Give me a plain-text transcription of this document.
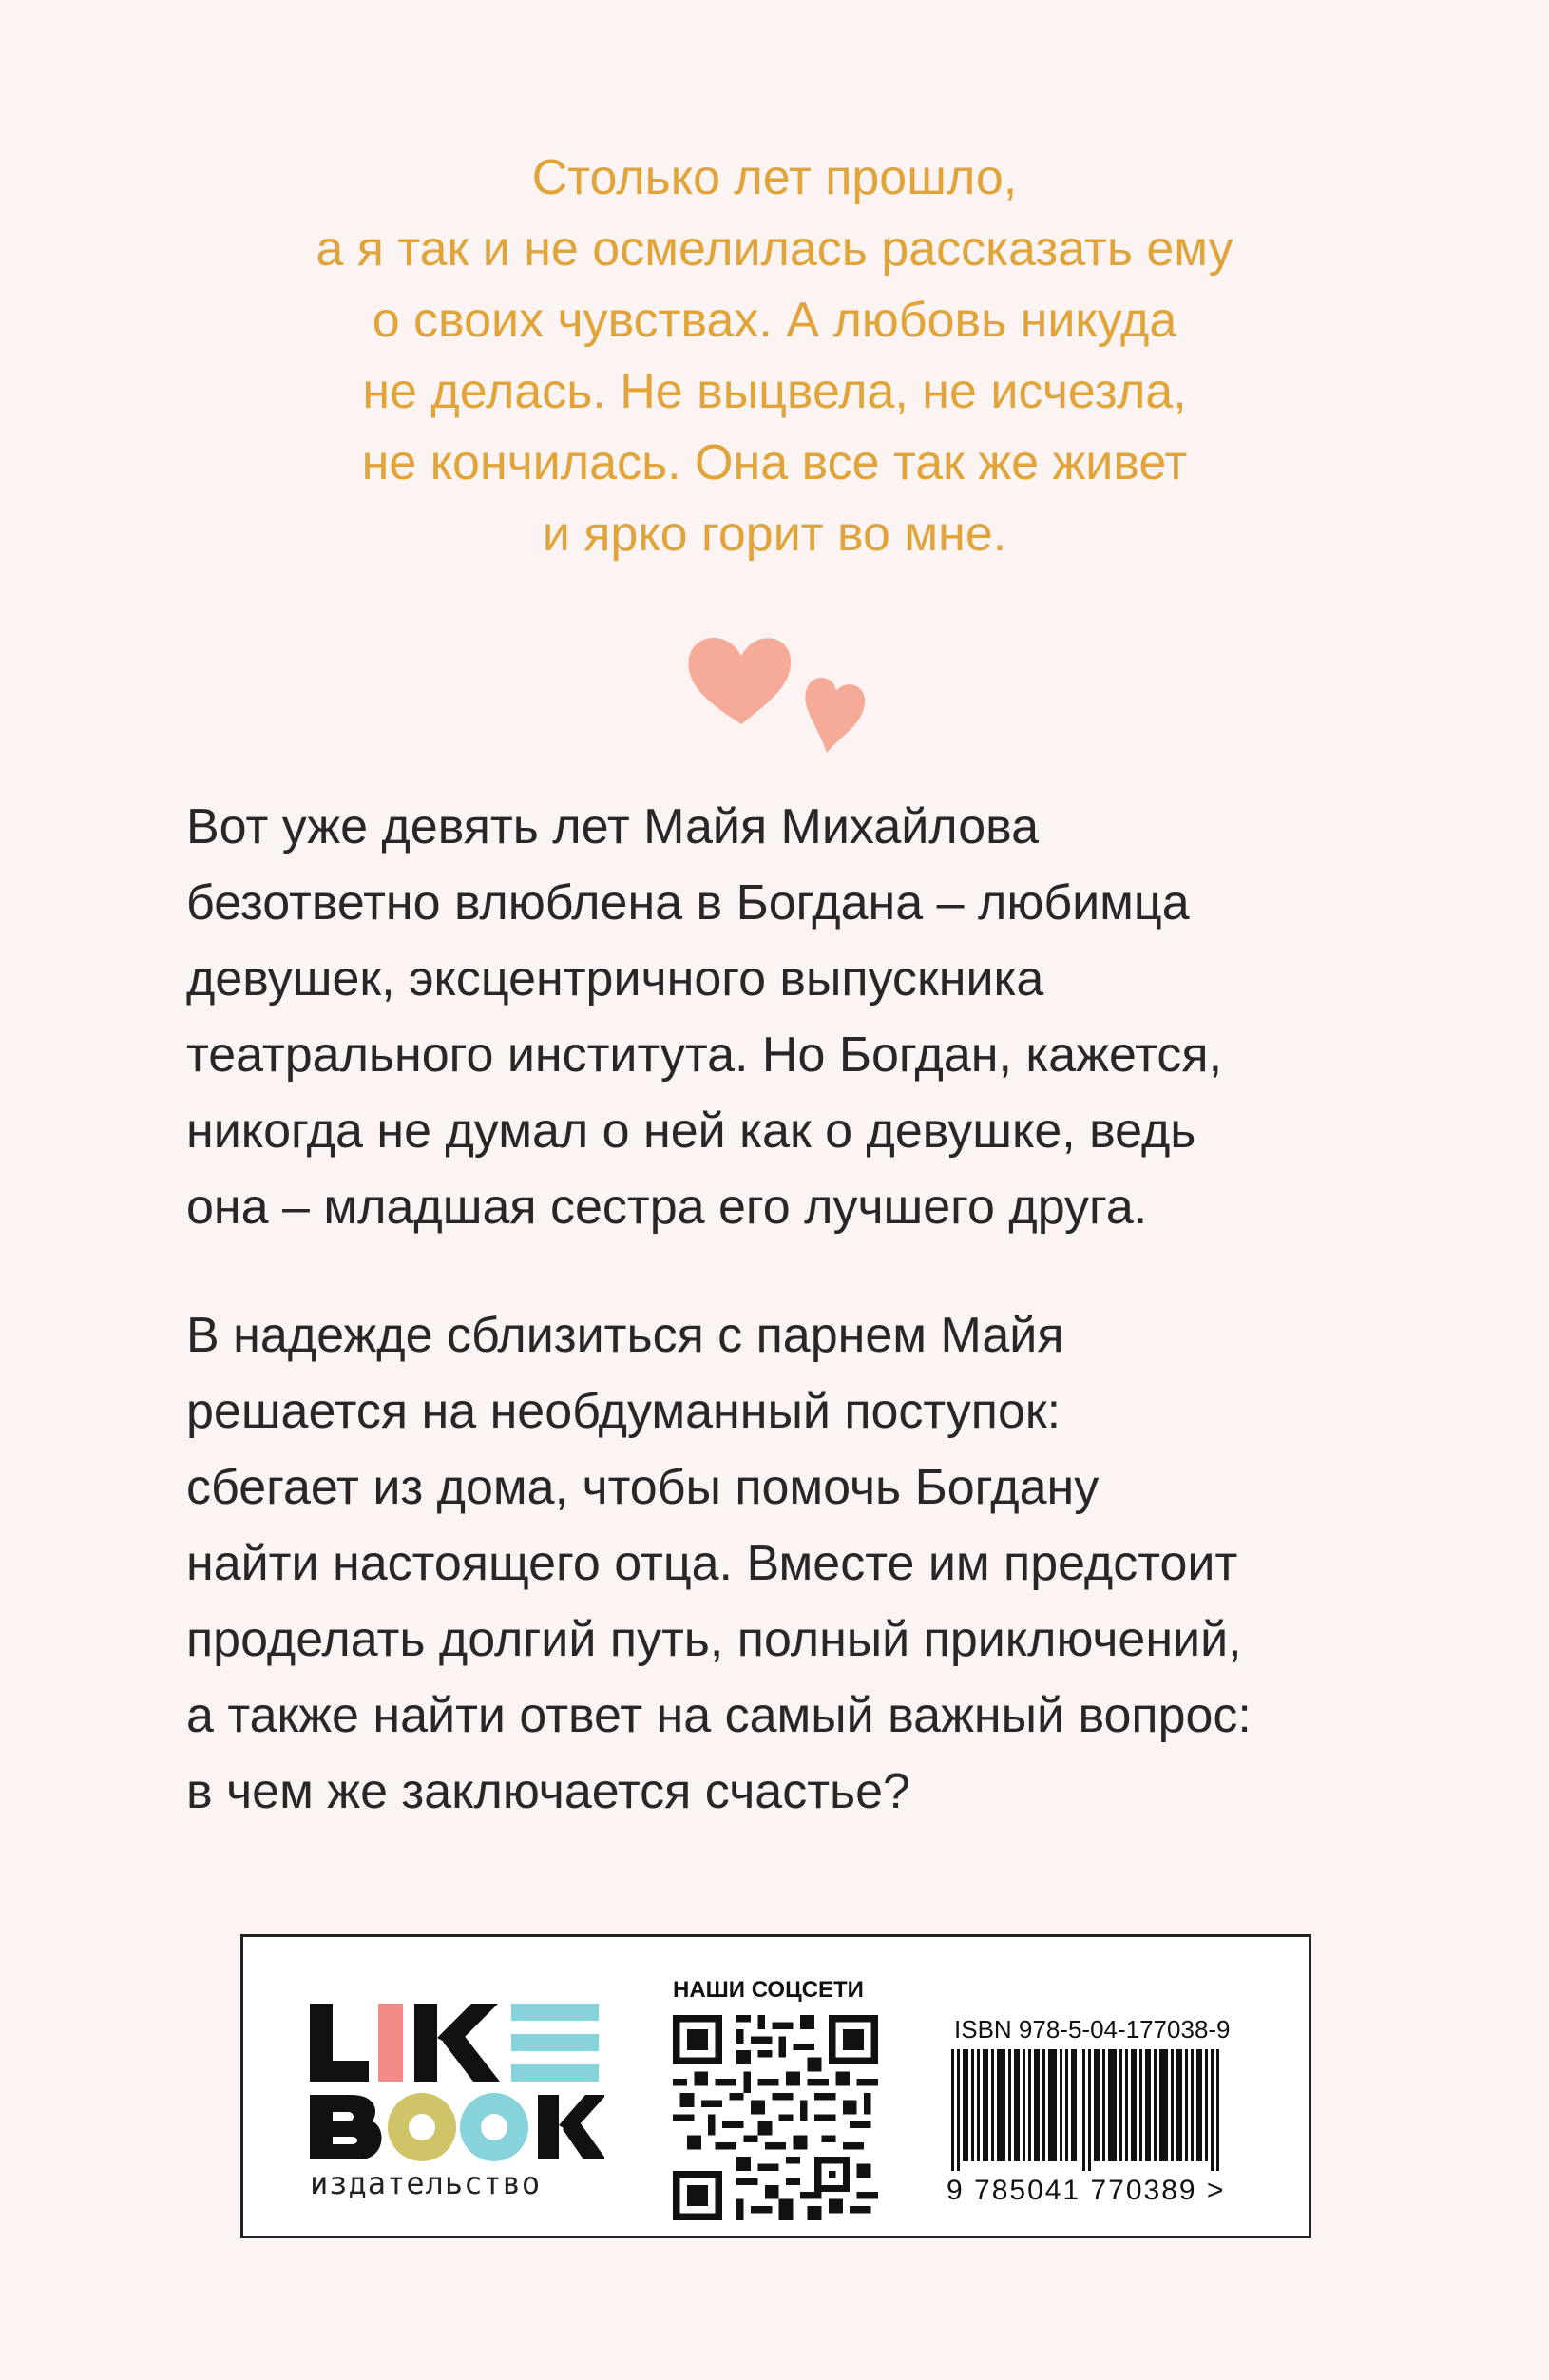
Столько лет прошло,
а я так и не осмелилась рассказать ему
о своих чувствах. А любовь никуда
не делась. Не выцвела, не исчезла,
не кончилась. Она все так же живет
и ярко горит во мне.
Вот уже девять лет Майя Михайлова
безответно влюблена в Богдана – любимца
девушек, эксцентричного выпускника
театрального института. Но Богдан, кажется,
никогда не думал о ней как о девушке, ведь
она – младшая сестра его лучшего друга.
В надежде сблизиться с парнем Майя
решается на необдуманный поступок:
сбегает из дома, чтобы помочь Богдану
найти настоящего отца. Вместе им предстоит
проделать долгий путь, полный приключений,
а также найти ответ на самый важный вопрос:
в чем же заключается счастье?
издательство
НАШИ СОЦСЕТИ
ISBN 978-5-04-177038-9
9 785041 770389 >
